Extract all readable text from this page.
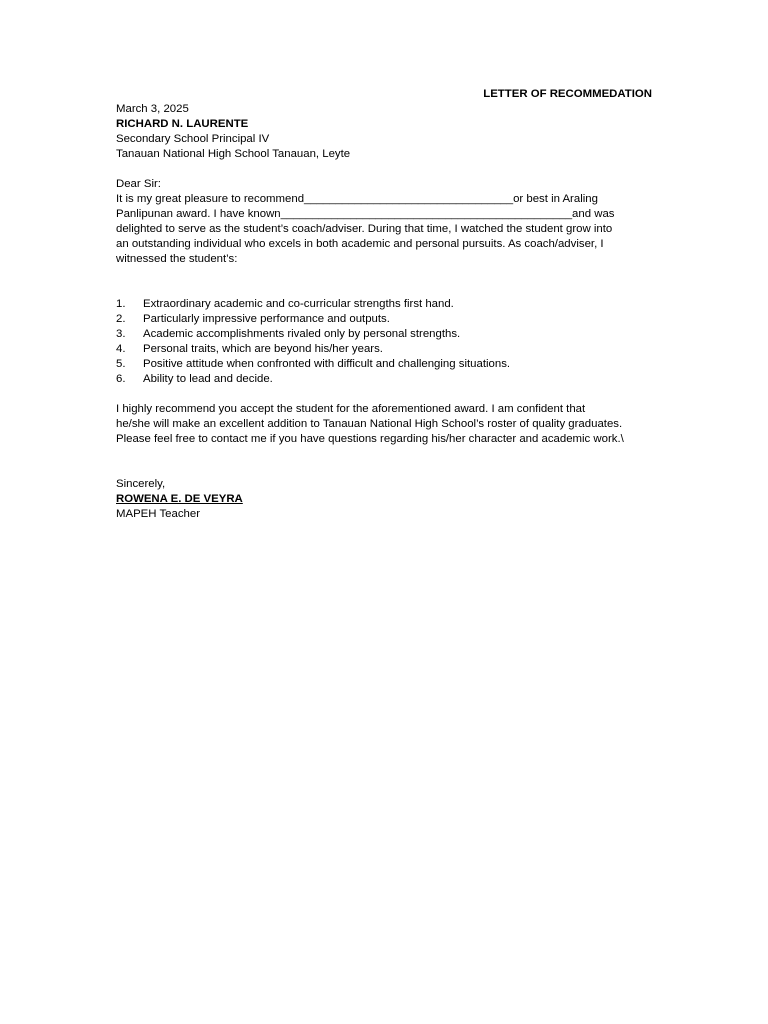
LETTER OF RECOMMEDATION
March 3, 2025
RICHARD N. LAURENTE
Secondary School Principal IV
Tanauan National High School Tanauan, Leyte
Dear Sir:
It is my great pleasure to recommend_________________________________or best in Araling
Panlipunan award. I have known______________________________________________and was
delighted to serve as the student’s coach/adviser. During that time, I watched the student grow into
an outstanding individual who excels in both academic and personal pursuits. As coach/adviser, I
witnessed the student’s:
1.	Extraordinary academic and co-curricular strengths first hand.
2.	Particularly impressive performance and outputs.
3.	Academic accomplishments rivaled only by personal strengths.
4.	Personal traits, which are beyond his/her years.
5.	Positive attitude when confronted with difficult and challenging situations.
6.	Ability to lead and decide.
I highly recommend you accept the student for the aforementioned award. I am confident that
he/she will make an excellent addition to Tanauan National High School’s roster of quality graduates.
Please feel free to contact me if you have questions regarding his/her character and academic work.\
Sincerely,
ROWENA E. DE VEYRA
MAPEH Teacher
